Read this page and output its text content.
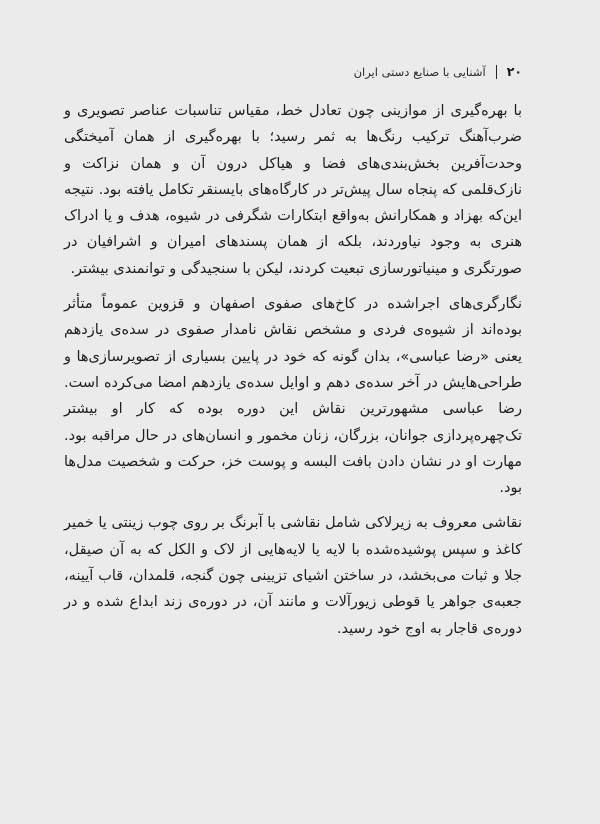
۲۰
آشنایی با صنایع دستی ایران

با بهره‌گیری از موازینی چون تعادل خط، مقیاس تناسبات عناصر تصویری و ضرب‌آهنگ ترکیب رنگ‌ها به ثمر رسید؛ با بهره‌گیری از همان آمیختگی وحدت‌آفرین بخش‌بندی‌های فضا و هیاکل درون آن و همان نزاکت و نازک‌قلمی که پنجاه سال پیش‌تر در کارگاه‌های بایسنقر تکامل یافته بود. نتیجه این‌که بهزاد و همکارانش به‌واقع ابتکارات شگرفی در شیوه، هدف و یا ادراک هنری به وجود نیاوردند، بلکه از همان پسندهای امیران و اشرافیان در صورتگری و مینیاتورسازی تبعیت کردند، لیکن با سنجیدگی و توانمندی بیشتر.

نگارگری‌های اجراشده در کاخ‌های صفوی اصفهان و قزوین عموماً متأثر بوده‌اند از شیوه‌ی فردی و مشخص نقاش نامدار صفوی در سده‌ی یازدهم یعنی «رضا عباسی»، بدان گونه که خود در پایین بسیاری از تصویرسازی‌ها و طراحی‌هایش در آخر سده‌ی دهم و اوایل سده‌ی یازدهم امضا می‌کرده است. رضا عباسی مشهورترین نقاش این دوره بوده که کار او بیشتر تک‌چهره‌پردازی جوانان، بزرگان، زنان مخمور و انسان‌های در حال مراقبه بود. مهارت او در نشان دادن بافت البسه و پوست خز، حرکت و شخصیت مدل‌ها بود.

نقاشی معروف به زیرلاکی شامل نقاشی با آبرنگ بر روی چوب زینتی یا خمیر کاغذ و سپس پوشیده‌شده با لایه یا لایه‌هایی از لاک و الکل که به آن صیقل، جلا و ثبات می‌بخشد، در ساختن اشیای تزیینی چون گنجه، قلمدان، قاب آیینه، جعبه‌ی جواهر یا قوطی زیورآلات و مانند آن، در دوره‌ی زند ابداع شده و در دوره‌ی قاجار به اوج خود رسید.
